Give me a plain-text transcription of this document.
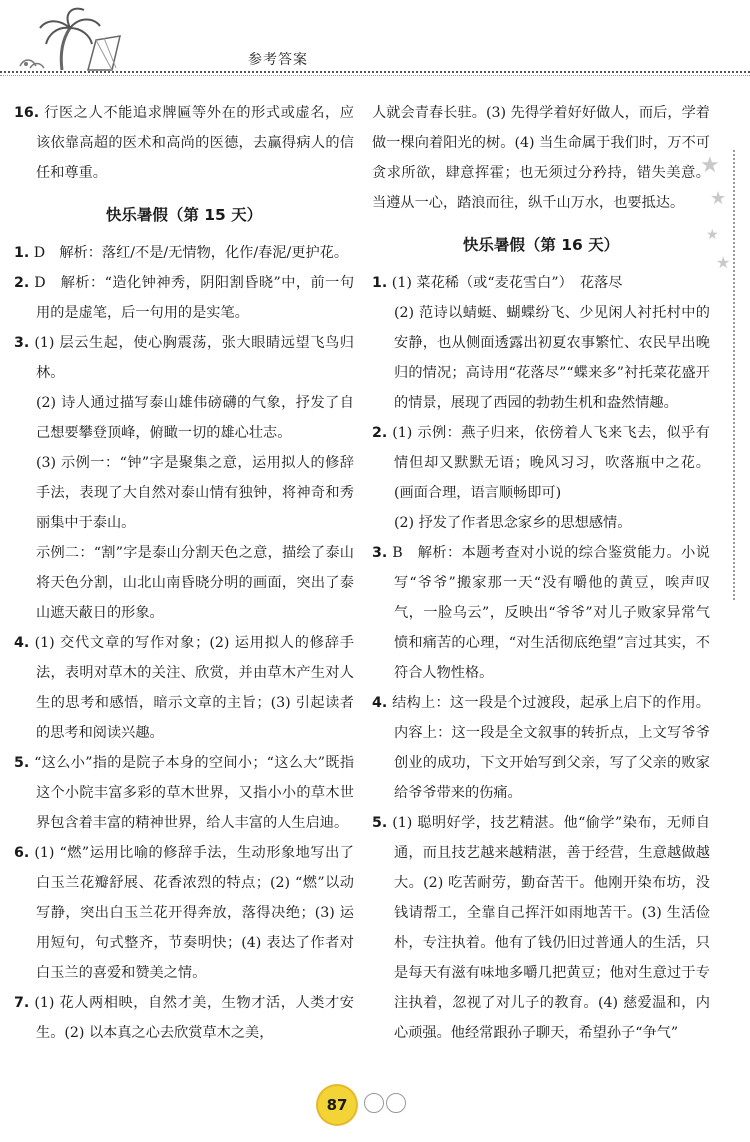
参考答案
★
★
★
★

16. 行医之人不能追求牌匾等外在的形式或虚名，应该依靠高超的医术和高尚的医德，去赢得病人的信任和尊重。

快乐暑假（第 15 天）

1. D　解析：落红/不是/无情物，化作/春泥/更护花。

2. D　解析：“造化钟神秀，阴阳割昏晓”中，前一句用的是虚笔，后一句用的是实笔。

3. (1) 层云生起，使心胸震荡，张大眼睛远望飞鸟归林。

(2) 诗人通过描写泰山雄伟磅礴的气象，抒发了自己想要攀登顶峰，俯瞰一切的雄心壮志。

(3) 示例一：“钟”字是聚集之意，运用拟人的修辞手法，表现了大自然对泰山情有独钟，将神奇和秀丽集中于泰山。

示例二：“割”字是泰山分割天色之意，描绘了泰山将天色分割，山北山南昏晓分明的画面，突出了泰山遮天蔽日的形象。

4. (1) 交代文章的写作对象；(2) 运用拟人的修辞手法，表明对草木的关注、欣赏，并由草木产生对人生的思考和感悟，暗示文章的主旨；(3) 引起读者的思考和阅读兴趣。

5. “这么小”指的是院子本身的空间小；“这么大”既指这个小院丰富多彩的草木世界，又指小小的草木世界包含着丰富的精神世界，给人丰富的人生启迪。

6. (1) “燃”运用比喻的修辞手法，生动形象地写出了白玉兰花瓣舒展、花香浓烈的特点；(2) “燃”以动写静，突出白玉兰花开得奔放，落得决绝；(3) 运用短句，句式整齐，节奏明快；(4) 表达了作者对白玉兰的喜爱和赞美之情。

7. (1) 花人两相映，自然才美，生物才活，人类才安生。(2) 以本真之心去欣赏草木之美，

人就会青春长驻。(3) 先得学着好好做人，而后，学着做一棵向着阳光的树。(4) 当生命属于我们时，万不可贪求所欲，肆意挥霍；也无须过分矜持，错失美意。当遵从一心，踏浪而往，纵千山万水，也要抵达。

快乐暑假（第 16 天）

1. (1) 菜花稀（或“麦花雪白”）　花落尽

(2) 范诗以蜻蜓、蝴蝶纷飞、少见闲人衬托村中的安静，也从侧面透露出初夏农事繁忙、农民早出晚归的情况；高诗用“花落尽”“蝶来多”衬托菜花盛开的情景，展现了西园的勃勃生机和盎然情趣。

2. (1) 示例：燕子归来，依傍着人飞来飞去，似乎有情但却又默默无语；晚风习习，吹落瓶中之花。(画面合理，语言顺畅即可)

(2) 抒发了作者思念家乡的思想感情。

3. B　解析：本题考查对小说的综合鉴赏能力。小说写“爷爷”搬家那一天“没有嚼他的黄豆，唉声叹气，一脸乌云”，反映出“爷爷”对儿子败家异常气愤和痛苦的心理，“对生活彻底绝望”言过其实，不符合人物性格。

4. 结构上：这一段是个过渡段，起承上启下的作用。内容上：这一段是全文叙事的转折点，上文写爷爷创业的成功，下文开始写到父亲，写了父亲的败家给爷爷带来的伤痛。

5. (1) 聪明好学，技艺精湛。他“偷学”染布，无师自通，而且技艺越来越精湛，善于经营，生意越做越大。(2) 吃苦耐劳，勤奋苦干。他刚开染布坊，没钱请帮工，全靠自己挥汗如雨地苦干。(3) 生活俭朴，专注执着。他有了钱仍旧过普通人的生活，只是每天有滋有味地多嚼几把黄豆；他对生意过于专注执着，忽视了对儿子的教育。(4) 慈爱温和，内心顽强。他经常跟孙子聊天，希望孙子“争气”

87
